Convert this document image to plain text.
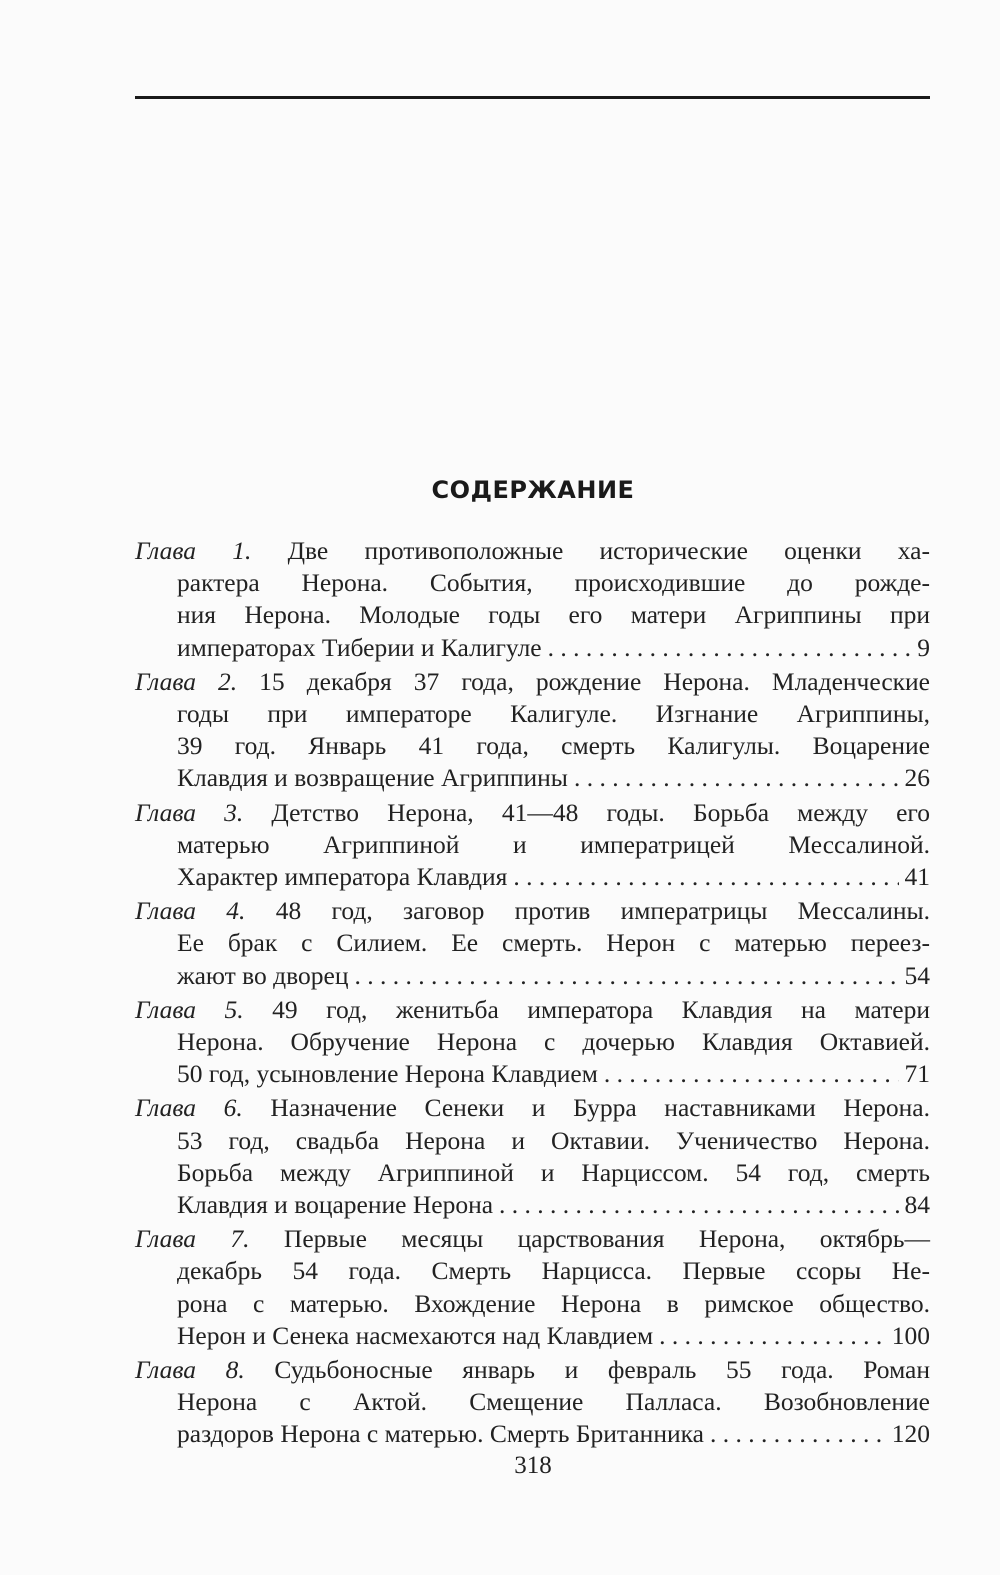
СОДЕРЖАНИЕ
Глава 1. Две противоположные исторические оценки ха-
рактера Нерона. События, происходившие до рожде-
ния Нерона. Молодые годы его матери Агриппины при
императорах Тиберии и Калигуле . . .	9
Глава 2. 15 декабря 37 года, рождение Нерона. Младенческие
годы при императоре Калигуле. Изгнание Агриппины,
39 год. Январь 41 года, смерть Калигулы. Воцарение
Клавдия и возвращение Агриппины . . .	26
Глава 3. Детство Нерона, 41—48 годы. Борьба между его
матерью Агриппиной и императрицей Мессалиной.
Характер императора Клавдия . . .	41
Глава 4. 48 год, заговор против императрицы Мессалины.
Ее брак с Силием. Ее смерть. Нерон с матерью переез-
жают во дворец . . .	54
Глава 5. 49 год, женитьба императора Клавдия на матери
Нерона. Обручение Нерона с дочерью Клавдия Октавией.
50 год, усыновление Нерона Клавдием . . .	71
Глава 6. Назначение Сенеки и Бурра наставниками Нерона.
53 год, свадьба Нерона и Октавии. Ученичество Нерона.
Борьба между Агриппиной и Нарциссом. 54 год, смерть
Клавдия и воцарение Нерона . . .	84
Глава 7. Первые месяцы царствования Нерона, октябрь—
декабрь 54 года. Смерть Нарцисса. Первые ссоры Не-
рона с матерью. Вхождение Нерона в римское общество.
Нерон и Сенека насмехаются над Клавдием . . .	100
Глава 8. Судьбоносные январь и февраль 55 года. Роман
Нерона с Актой. Смещение Палласа. Возобновление
раздоров Нерона с матерью. Смерть Британника . . .	120
318
